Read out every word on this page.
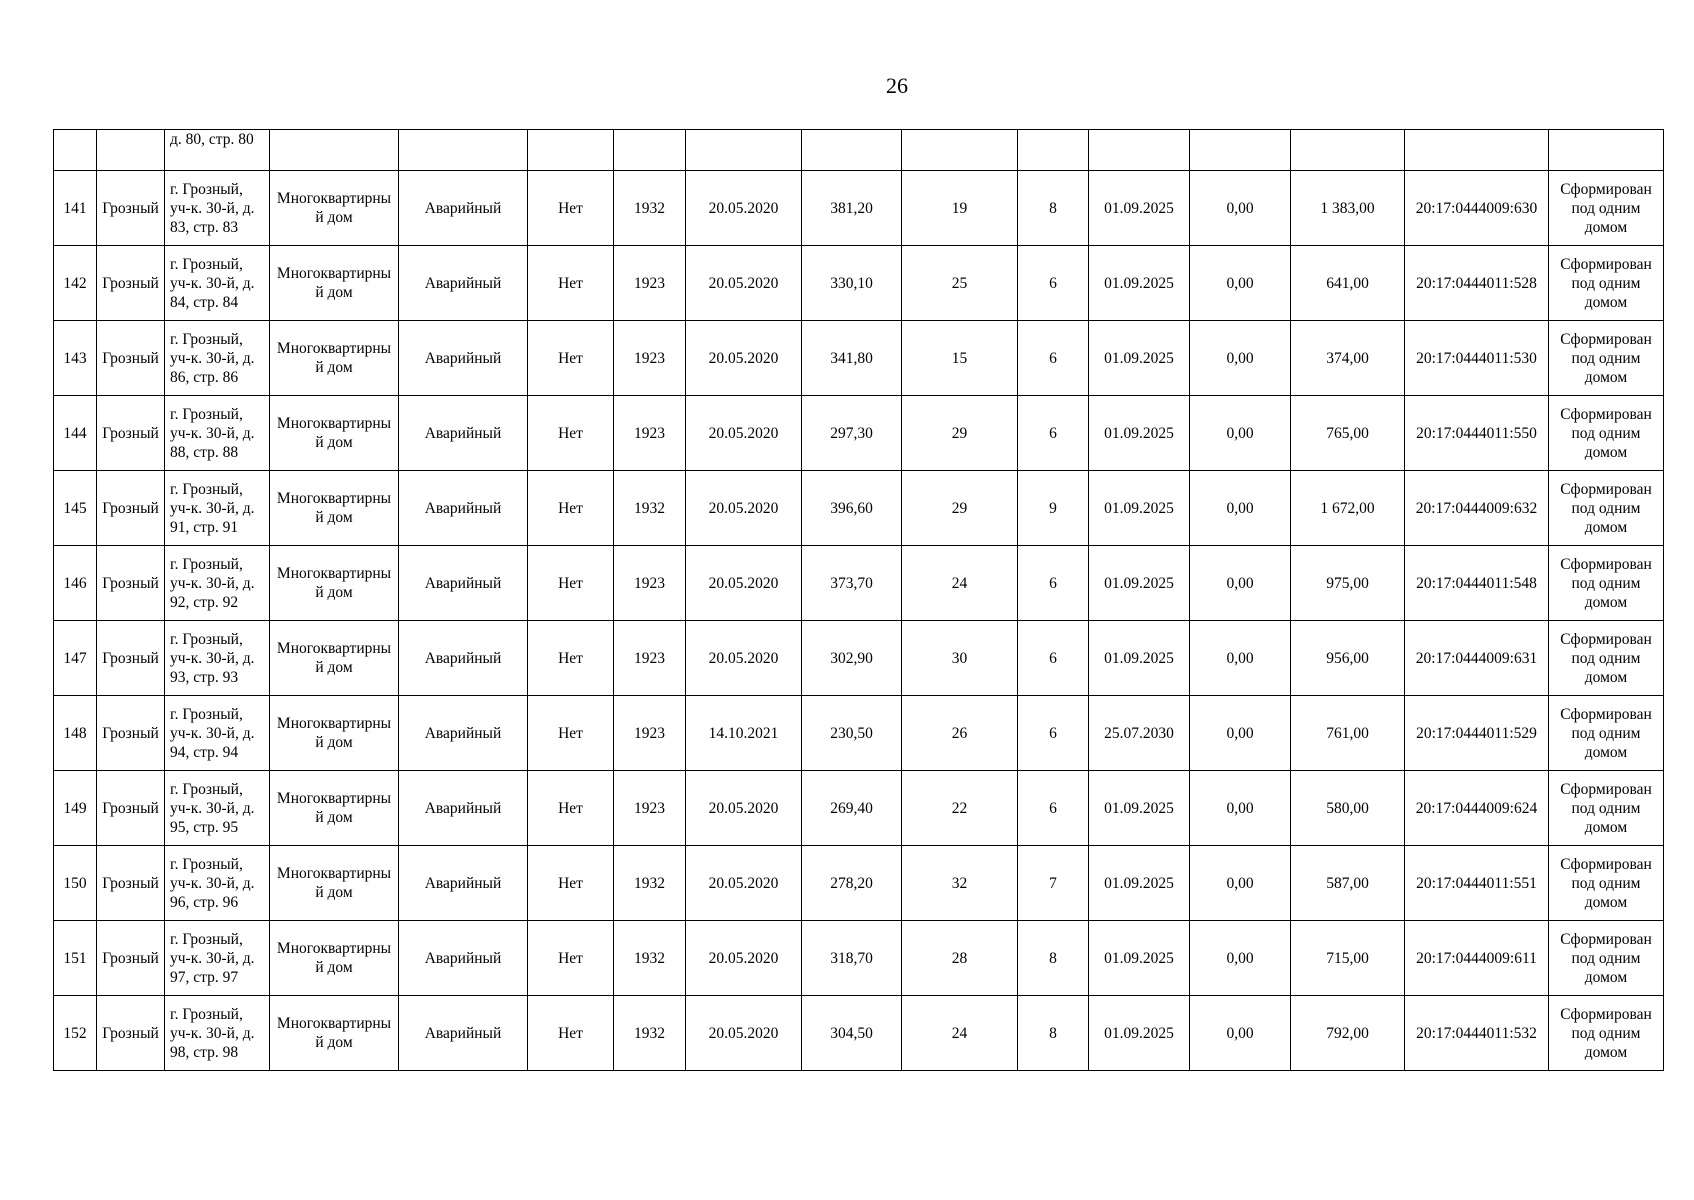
26
		д. 80, стр. 80													
141	Грозный	г. Грозный, уч-к. 30-й, д. 83, стр. 83	Многоквартирный дом	Аварийный	Нет	1932	20.05.2020	381,20	19	8	01.09.2025	0,00	1 383,00	20:17:0444009:630	Сформирован под одним домом
142	Грозный	г. Грозный, уч-к. 30-й, д. 84, стр. 84	Многоквартирный дом	Аварийный	Нет	1923	20.05.2020	330,10	25	6	01.09.2025	0,00	641,00	20:17:0444011:528	Сформирован под одним домом
143	Грозный	г. Грозный, уч-к. 30-й, д. 86, стр. 86	Многоквартирный дом	Аварийный	Нет	1923	20.05.2020	341,80	15	6	01.09.2025	0,00	374,00	20:17:0444011:530	Сформирован под одним домом
144	Грозный	г. Грозный, уч-к. 30-й, д. 88, стр. 88	Многоквартирный дом	Аварийный	Нет	1923	20.05.2020	297,30	29	6	01.09.2025	0,00	765,00	20:17:0444011:550	Сформирован под одним домом
145	Грозный	г. Грозный, уч-к. 30-й, д. 91, стр. 91	Многоквартирный дом	Аварийный	Нет	1932	20.05.2020	396,60	29	9	01.09.2025	0,00	1 672,00	20:17:0444009:632	Сформирован под одним домом
146	Грозный	г. Грозный, уч-к. 30-й, д. 92, стр. 92	Многоквартирный дом	Аварийный	Нет	1923	20.05.2020	373,70	24	6	01.09.2025	0,00	975,00	20:17:0444011:548	Сформирован под одним домом
147	Грозный	г. Грозный, уч-к. 30-й, д. 93, стр. 93	Многоквартирный дом	Аварийный	Нет	1923	20.05.2020	302,90	30	6	01.09.2025	0,00	956,00	20:17:0444009:631	Сформирован под одним домом
148	Грозный	г. Грозный, уч-к. 30-й, д. 94, стр. 94	Многоквартирный дом	Аварийный	Нет	1923	14.10.2021	230,50	26	6	25.07.2030	0,00	761,00	20:17:0444011:529	Сформирован под одним домом
149	Грозный	г. Грозный, уч-к. 30-й, д. 95, стр. 95	Многоквартирный дом	Аварийный	Нет	1923	20.05.2020	269,40	22	6	01.09.2025	0,00	580,00	20:17:0444009:624	Сформирован под одним домом
150	Грозный	г. Грозный, уч-к. 30-й, д. 96, стр. 96	Многоквартирный дом	Аварийный	Нет	1932	20.05.2020	278,20	32	7	01.09.2025	0,00	587,00	20:17:0444011:551	Сформирован под одним домом
151	Грозный	г. Грозный, уч-к. 30-й, д. 97, стр. 97	Многоквартирный дом	Аварийный	Нет	1932	20.05.2020	318,70	28	8	01.09.2025	0,00	715,00	20:17:0444009:611	Сформирован под одним домом
152	Грозный	г. Грозный, уч-к. 30-й, д. 98, стр. 98	Многоквартирный дом	Аварийный	Нет	1932	20.05.2020	304,50	24	8	01.09.2025	0,00	792,00	20:17:0444011:532	Сформирован под одним домом
